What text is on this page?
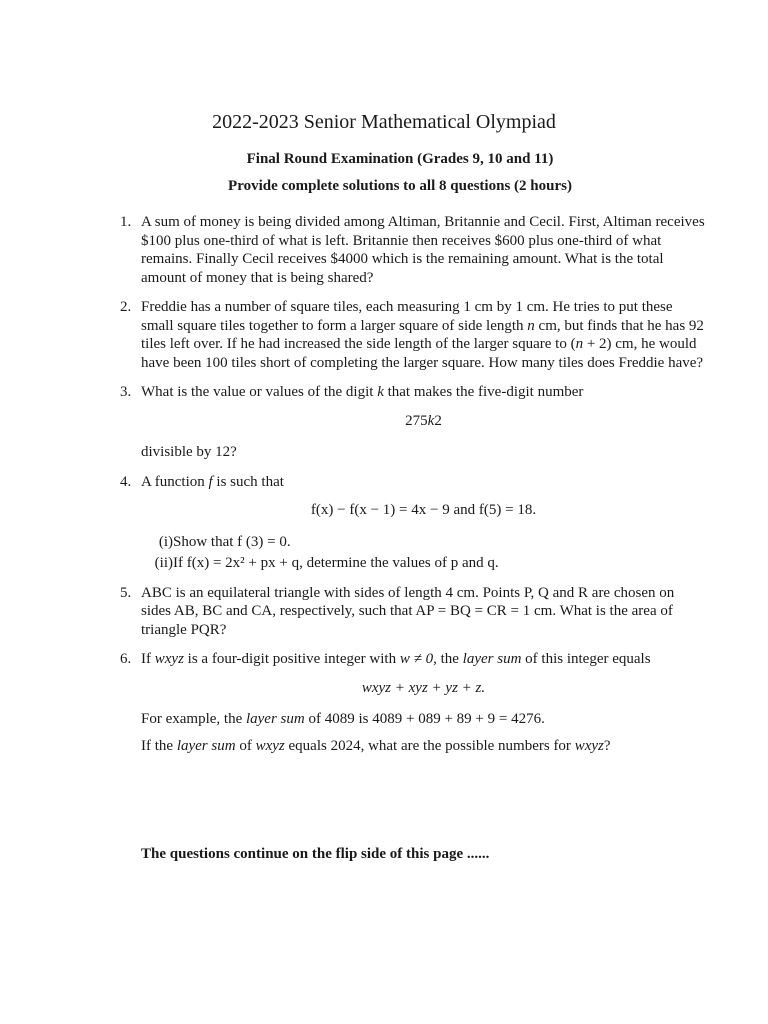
2022-2023 Senior Mathematical Olympiad
Final Round Examination (Grades 9, 10 and 11)
Provide complete solutions to all 8 questions (2 hours)
1. A sum of money is being divided among Altiman, Britannie and Cecil. First, Altiman receives $100 plus one-third of what is left. Britannie then receives $600 plus one-third of what remains. Finally Cecil receives $4000 which is the remaining amount. What is the total amount of money that is being shared?
2. Freddie has a number of square tiles, each measuring 1 cm by 1 cm. He tries to put these small square tiles together to form a larger square of side length n cm, but finds that he has 92 tiles left over. If he had increased the side length of the larger square to (n + 2) cm, he would have been 100 tiles short of completing the larger square. How many tiles does Freddie have?
3. What is the value or values of the digit k that makes the five-digit number
275k2
divisible by 12?
4. A function f is such that
f(x) − f(x − 1) = 4x − 9 and f(5) = 18.
(i) Show that f (3) = 0.
(ii) If f(x) = 2x² + px + q, determine the values of p and q.
5. ABC is an equilateral triangle with sides of length 4 cm. Points P, Q and R are chosen on sides AB, BC and CA, respectively, such that AP = BQ = CR = 1 cm. What is the area of triangle PQR?
6. If wxyz is a four-digit positive integer with w ≠ 0, the layer sum of this integer equals
wxyz + xyz + yz + z.
For example, the layer sum of 4089 is 4089 + 089 + 89 + 9 = 4276.
If the layer sum of wxyz equals 2024, what are the possible numbers for wxyz?
The questions continue on the flip side of this page ......
